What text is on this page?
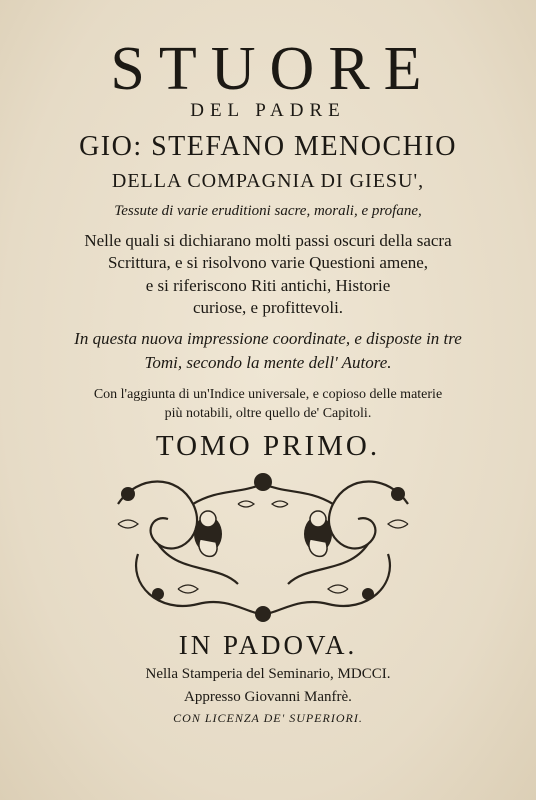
STUORE
DEL PADRE
GIO: STEFANO MENOCHIO
DELLA COMPAGNIA DI GIESU',
Tessute di varie eruditioni sacre, morali, e profane,
Nelle quali si dichiarano molti passi oscuri della sacra
Scrittura, e si risolvono varie Questioni amene,
e si riferiscono Riti antichi, Historie
curiose, e profittevoli.
In questa nuova impressione coordinate, e disposte in tre
Tomi, secondo la mente dell' Autore.
Con l'aggiunta di un'Indice universale, e copioso delle materie
più notabili, oltre quello de' Capitoli.
TOMO PRIMO.
IN PADOVA.
Nella Stamperia del Seminario, MDCCI.
Appresso Giovanni Manfrè.
CON LICENZA DE' SUPERIORI.
